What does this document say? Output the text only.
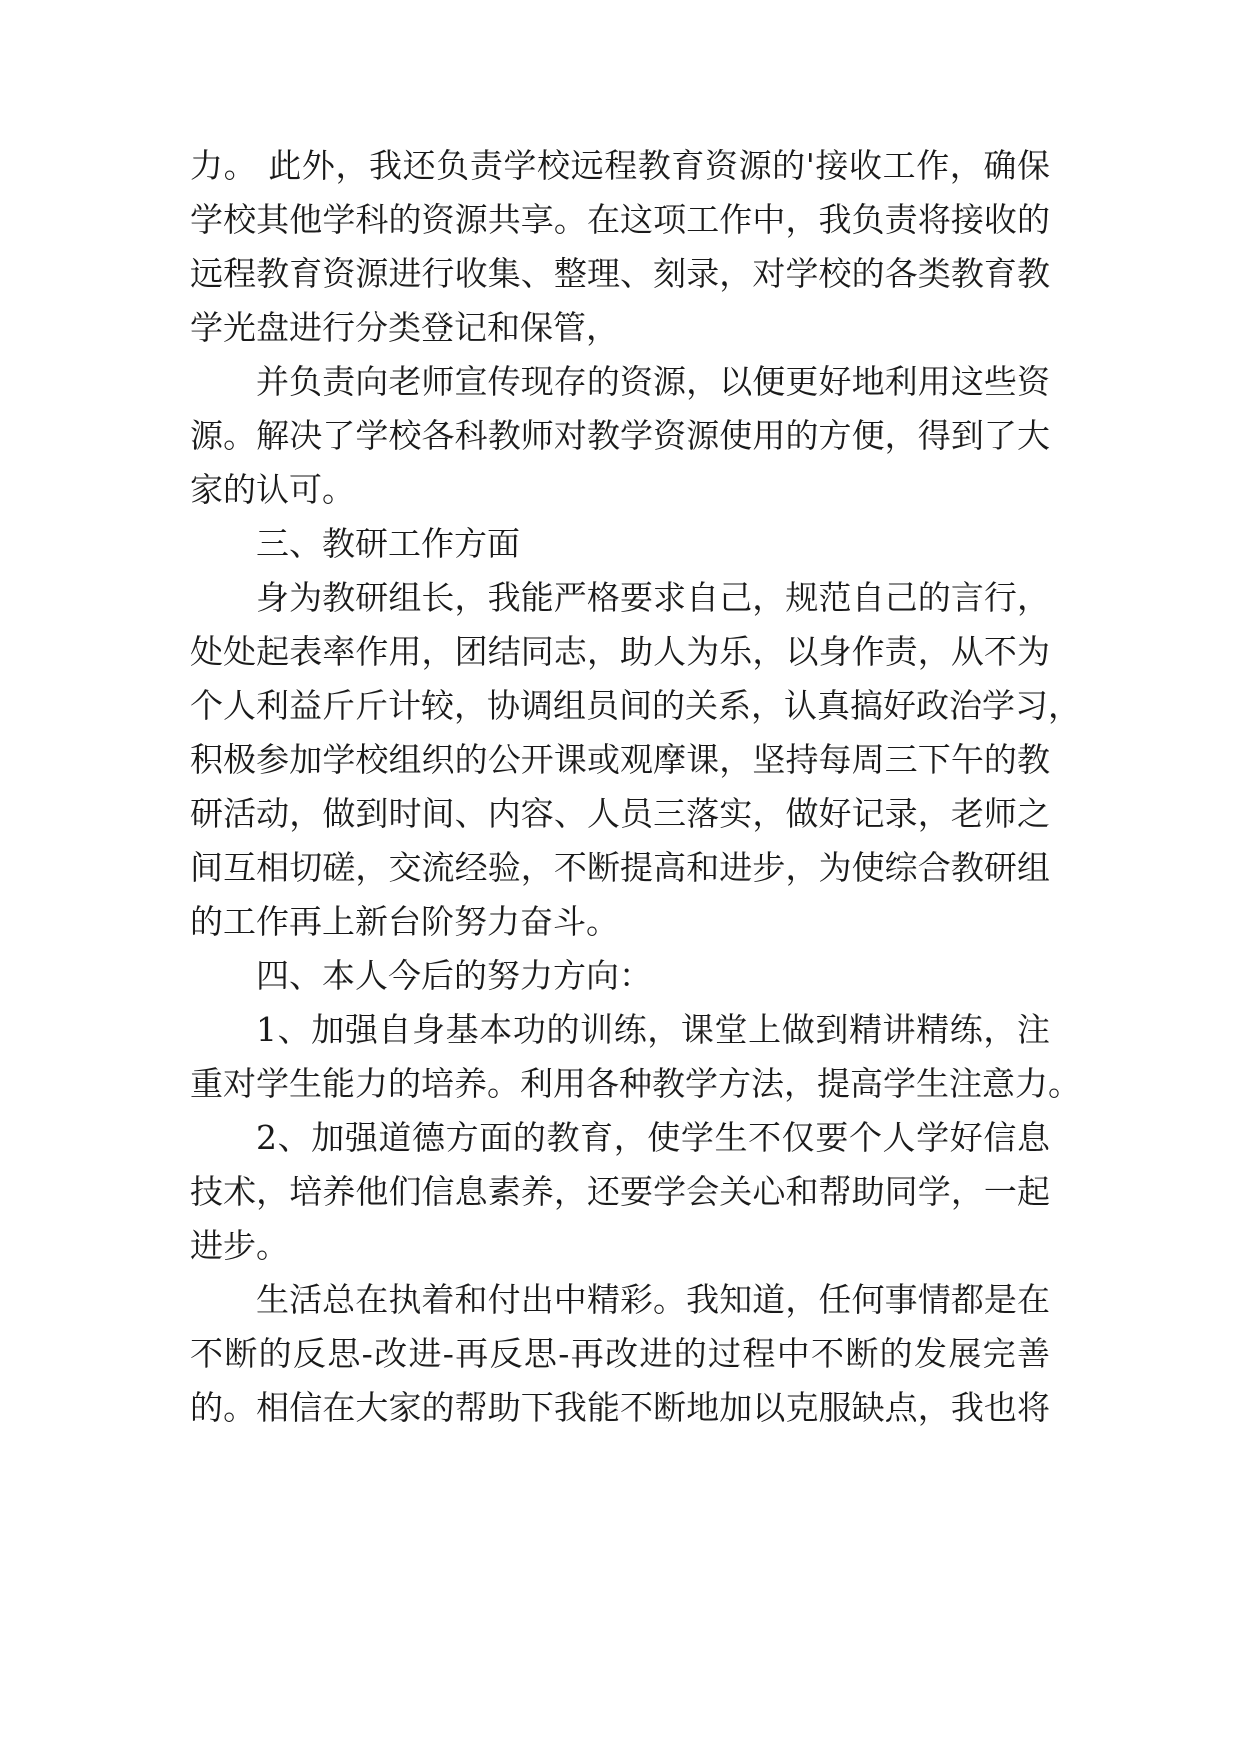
力。 此外，我还负责学校远程教育资源的'接收工作，确保
学校其他学科的资源共享。在这项工作中，我负责将接收的
远程教育资源进行收集、整理、刻录，对学校的各类教育教
学光盘进行分类登记和保管，
并负责向老师宣传现存的资源，以便更好地利用这些资
源。解决了学校各科教师对教学资源使用的方便，得到了大
家的认可。
三、教研工作方面
身为教研组长，我能严格要求自己，规范自己的言行，
处处起表率作用，团结同志，助人为乐，以身作责，从不为
个人利益斤斤计较，协调组员间的关系，认真搞好政治学习，
积极参加学校组织的公开课或观摩课，坚持每周三下午的教
研活动，做到时间、内容、人员三落实，做好记录，老师之
间互相切磋，交流经验，不断提高和进步，为使综合教研组
的工作再上新台阶努力奋斗。
四、本人今后的努力方向：
1、加强自身基本功的训练，课堂上做到精讲精练，注
重对学生能力的培养。利用各种教学方法，提高学生注意力。
2、加强道德方面的教育，使学生不仅要个人学好信息
技术，培养他们信息素养，还要学会关心和帮助同学，一起
进步。
生活总在执着和付出中精彩。我知道，任何事情都是在
不断的反思-改进-再反思-再改进的过程中不断的发展完善
的。相信在大家的帮助下我能不断地加以克服缺点，我也将
